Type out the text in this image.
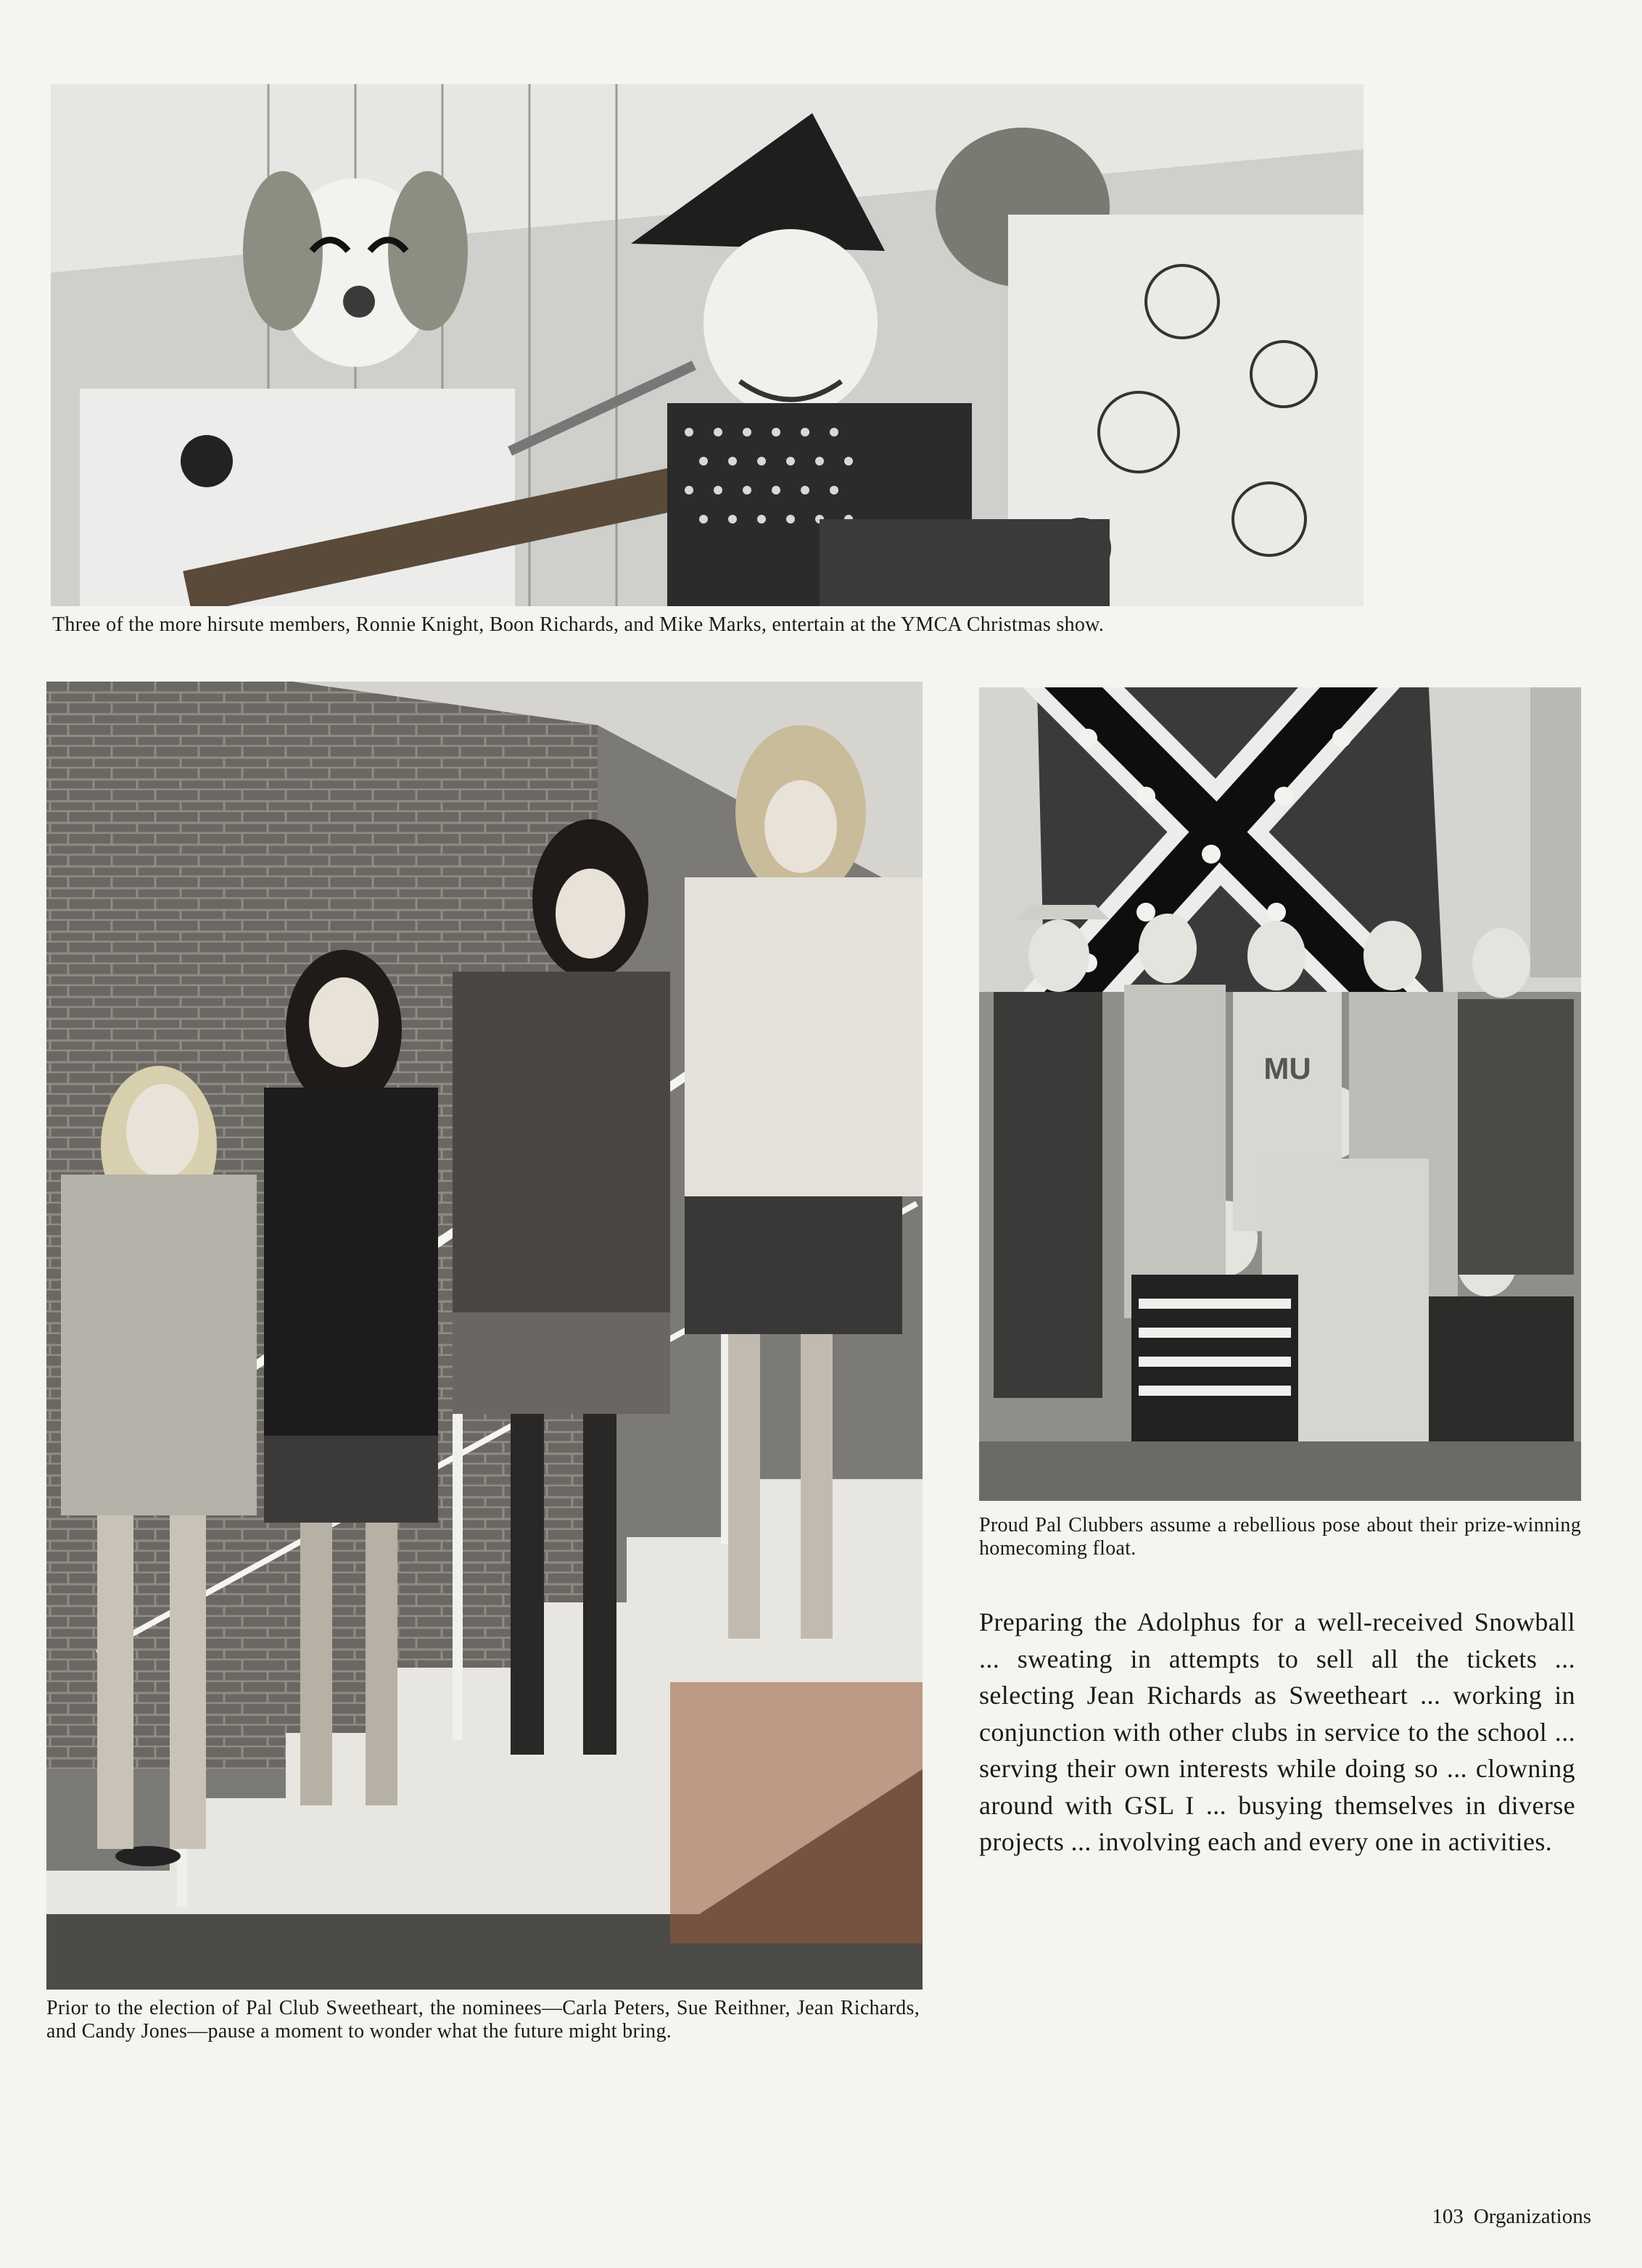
Three of the more hirsute members, Ronnie Knight, Boon Richards, and Mike Marks, entertain at the YMCA Christmas show.

Prior to the election of Pal Club Sweetheart, the nominees—Carla Peters, Sue Reithner, Jean Richards, and Candy Jones—pause a moment to wonder what the future might bring.

MU

Proud Pal Clubbers assume a rebellious pose about their prize-winning homecoming float.

Preparing the Adolphus for a well-received Snowball ... sweating in attempts to sell all the tickets ... selecting Jean Richards as Sweetheart ... working in conjunction with other clubs in service to the school ... serving their own interests while doing so ... clowning around with GSL I ... busying themselves in diverse projects ... involving each and every one in activities.

103 Organizations
